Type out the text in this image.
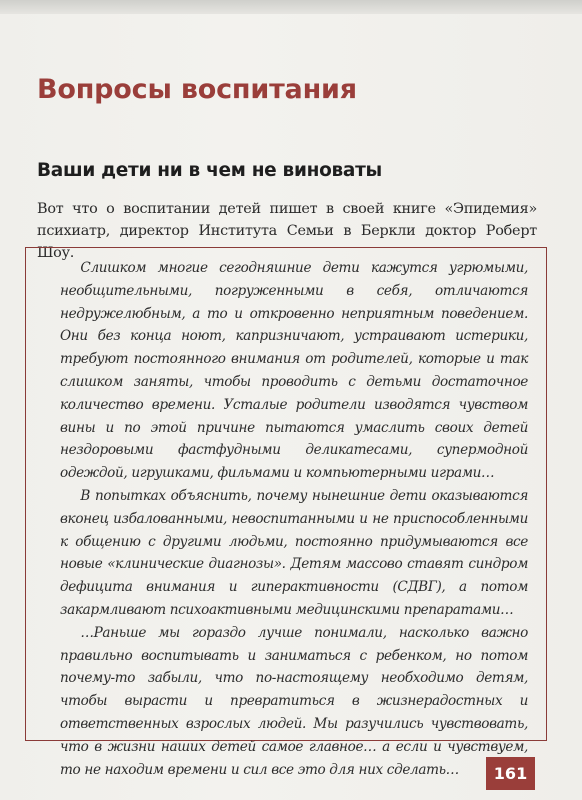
Вопросы воспитания
Ваши дети ни в чем не виноваты

Вот что о воспитании детей пишет в своей книге «Эпидемия» психиатр, директор Института Семьи в Беркли доктор Роберт Шоу.

Слишком многие сегодняшние дети кажутся угрюмыми, необщительными, погруженными в себя, отличаются недружелюбным, а то и откровенно неприятным поведением. Они без конца ноют, капризничают, устраивают истерики, требуют постоянного внимания от родителей, которые и так слишком заняты, чтобы проводить с детьми достаточное количество времени. Усталые родители изводятся чувством вины и по этой причине пытаются умаслить своих детей нездоровыми фастфудными деликатесами, супермодной одеждой, игрушками, фильмами и компьютерными играми…

В попытках объяснить, почему нынешние дети оказываются вконец избалованными, невоспитанными и не приспособленными к общению с другими людьми, постоянно придумываются все новые «клинические диагнозы». Детям массово ставят синдром дефицита внимания и гиперактивности (СДВГ), а потом закармливают психоактивными медицинскими препаратами…

…Раньше мы гораздо лучше понимали, насколько важно правильно воспитывать и заниматься с ребенком, но потом почему-то забыли, что по-настоящему необходимо детям, чтобы вырасти и превратиться в жизнерадостных и ответственных взрослых людей. Мы разучились чувствовать, что в жизни наших детей самое главное… а если и чувствуем, то не находим времени и сил все это для них сделать…	161
